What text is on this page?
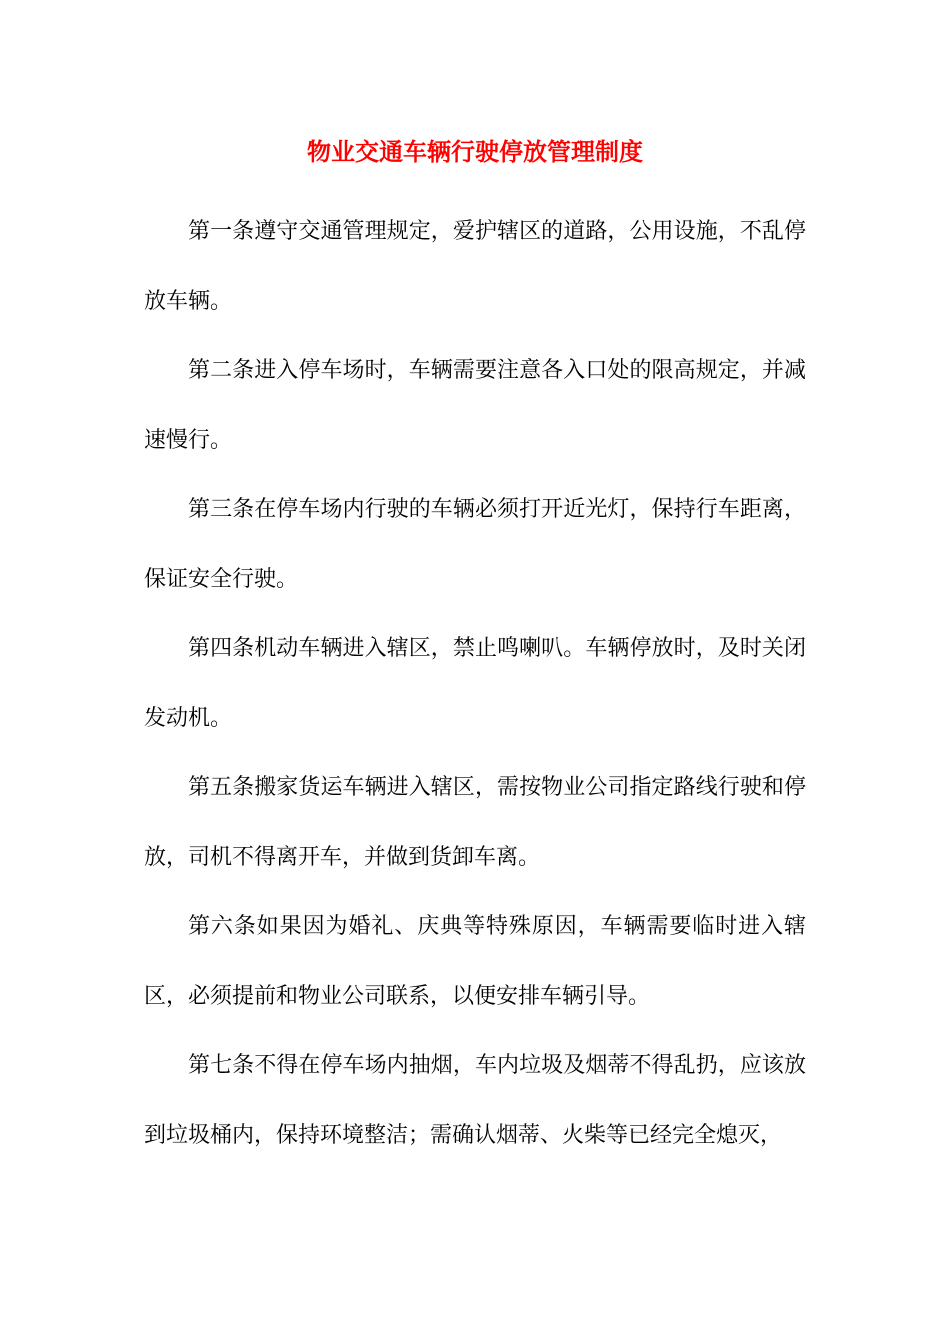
物业交通车辆行驶停放管理制度

第一条遵守交通管理规定，爱护辖区的道路，公用设施，不乱停放车辆。

第二条进入停车场时，车辆需要注意各入口处的限高规定，并减速慢行。

第三条在停车场内行驶的车辆必须打开近光灯，保持行车距离，保证安全行驶。

第四条机动车辆进入辖区，禁止鸣喇叭。车辆停放时，及时关闭发动机。

第五条搬家货运车辆进入辖区，需按物业公司指定路线行驶和停放，司机不得离开车，并做到货卸车离。

第六条如果因为婚礼、庆典等特殊原因，车辆需要临时进入辖区，必须提前和物业公司联系，以便安排车辆引导。

第七条不得在停车场内抽烟，车内垃圾及烟蒂不得乱扔，应该放到垃圾桶内，保持环境整洁；需确认烟蒂、火柴等已经完全熄灭，
